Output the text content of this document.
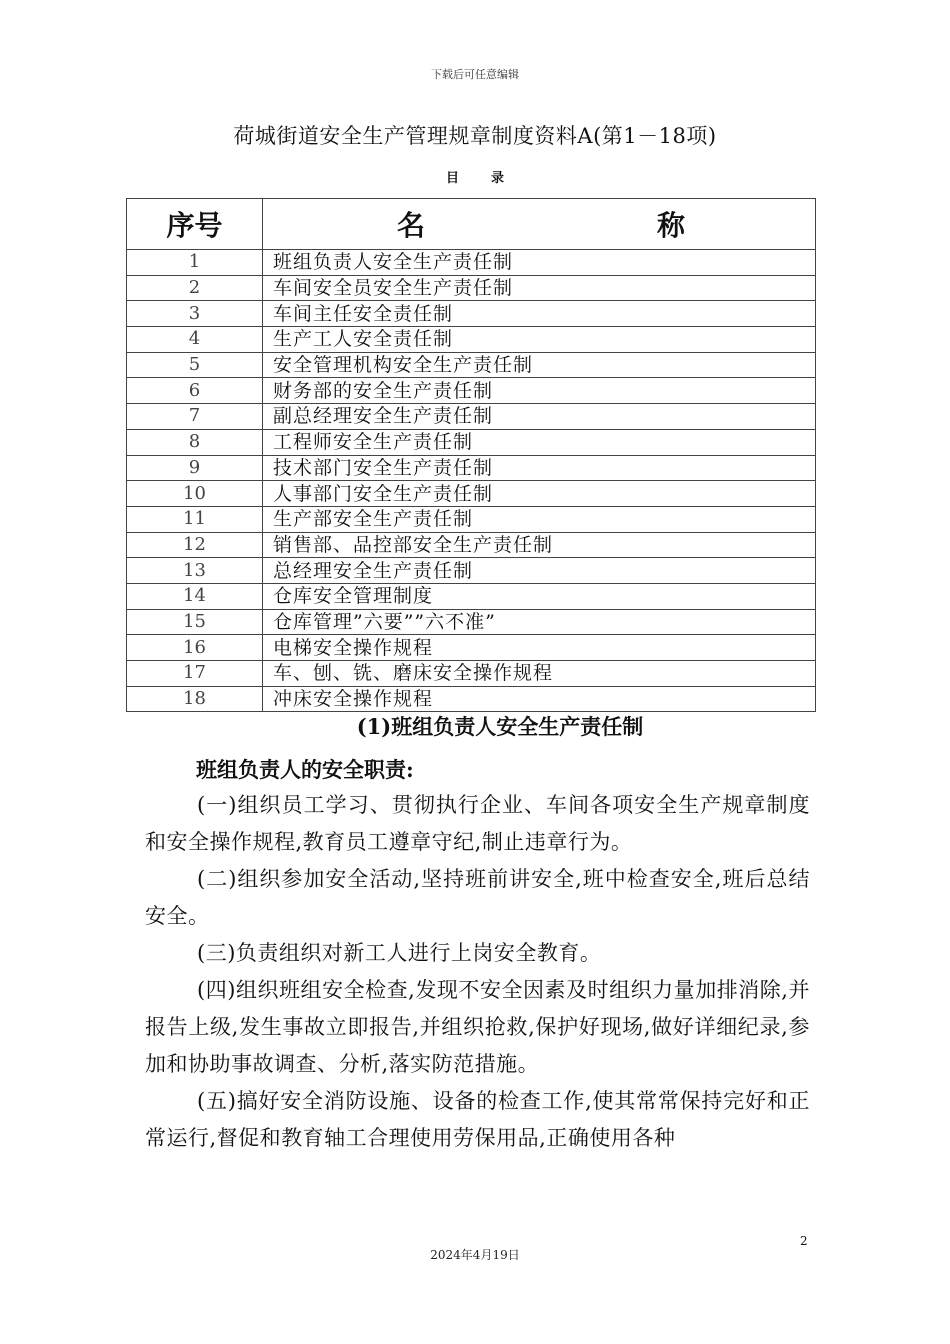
下载后可任意编辑
荷城街道安全生产管理规章制度资料A(第1－18项)
目 录
序号	名 称

1	班组负责人安全生产责任制
2	车间安全员安全生产责任制
3	车间主任安全责任制
4	生产工人安全责任制
5	安全管理机构安全生产责任制
6	财务部的安全生产责任制
7	副总经理安全生产责任制
8	工程师安全生产责任制
9	技术部门安全生产责任制
10	人事部门安全生产责任制
11	生产部安全生产责任制
12	销售部、品控部安全生产责任制
13	总经理安全生产责任制
14	仓库安全管理制度
15	仓库管理”六要””六不准”
16	电梯安全操作规程
17	车、刨、铣、磨床安全操作规程
18	冲床安全操作规程
(1)班组负责人安全生产责任制
班组负责人的安全职责:

(一)组织员工学习、贯彻执行企业、车间各项安全生产规章制度和安全操作规程,教育员工遵章守纪,制止违章行为。

(二)组织参加安全活动,坚持班前讲安全,班中检查安全,班后总结安全。

(三)负责组织对新工人进行上岗安全教育。

(四)组织班组安全检查,发现不安全因素及时组织力量加排消除,并报告上级,发生事故立即报告,并组织抢救,保护好现场,做好详细纪录,参加和协助事故调查、分析,落实防范措施。

(五)搞好安全消防设施、设备的检查工作,使其常常保持完好和正常运行,督促和教育轴工合理使用劳保用品,正确使用各种

2
2024年4月19日
